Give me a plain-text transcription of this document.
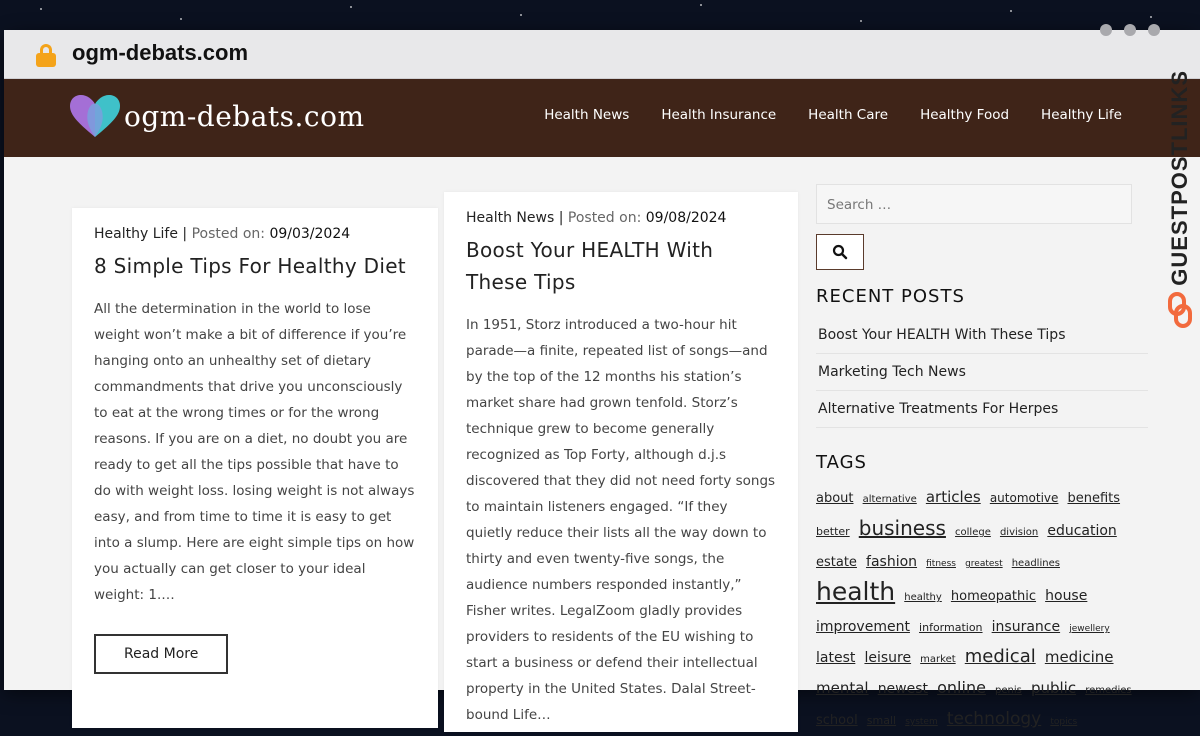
ogm-debats.com
ogm-debats.com	Health News Health Insurance Health Care Healthy Food Healthy Life
Healthy Life | Posted on: 09/03/2024
8 Simple Tips For Healthy Diet
All the determination in the world to lose weight won’t make a bit of difference if you’re hanging onto an unhealthy set of dietary commandments that drive you unconsciously to eat at the wrong times or for the wrong reasons. If you are on a diet, no doubt you are ready to get all the tips possible that have to do with weight loss. losing weight is not always easy, and from time to time it is easy to get into a slump. Here are eight simple tips on how you actually can get closer to your ideal weight: 1.…
Read More
Health News | Posted on: 09/08/2024
Boost Your HEALTH With These Tips
In 1951, Storz introduced a two-hour hit parade—a finite, repeated list of songs—and by the top of the 12 months his station’s market share had grown tenfold. Storz’s technique grew to become generally recognized as Top Forty, although d.j.s discovered that they did not need forty songs to maintain listeners engaged. “If they quietly reduce their lists all the way down to thirty and even twenty-five songs, the audience numbers responded instantly,” Fisher writes. LegalZoom gladly provides providers to residents of the EU wishing to start a business or defend their intellectual property in the United States. Dalal Street-bound Life…
Search …
RECENT POSTS
Boost Your HEALTH With These Tips
Marketing Tech News
Alternative Treatments For Herpes
TAGS
about alternative articles automotive benefits better business college division education estate fashion fitness greatest headlines health healthy homeopathic house improvement information insurance jewellery latest leisure market medical medicine mental newest online penis public remedies school small system technology topics
GUESTPOSTLINKS
